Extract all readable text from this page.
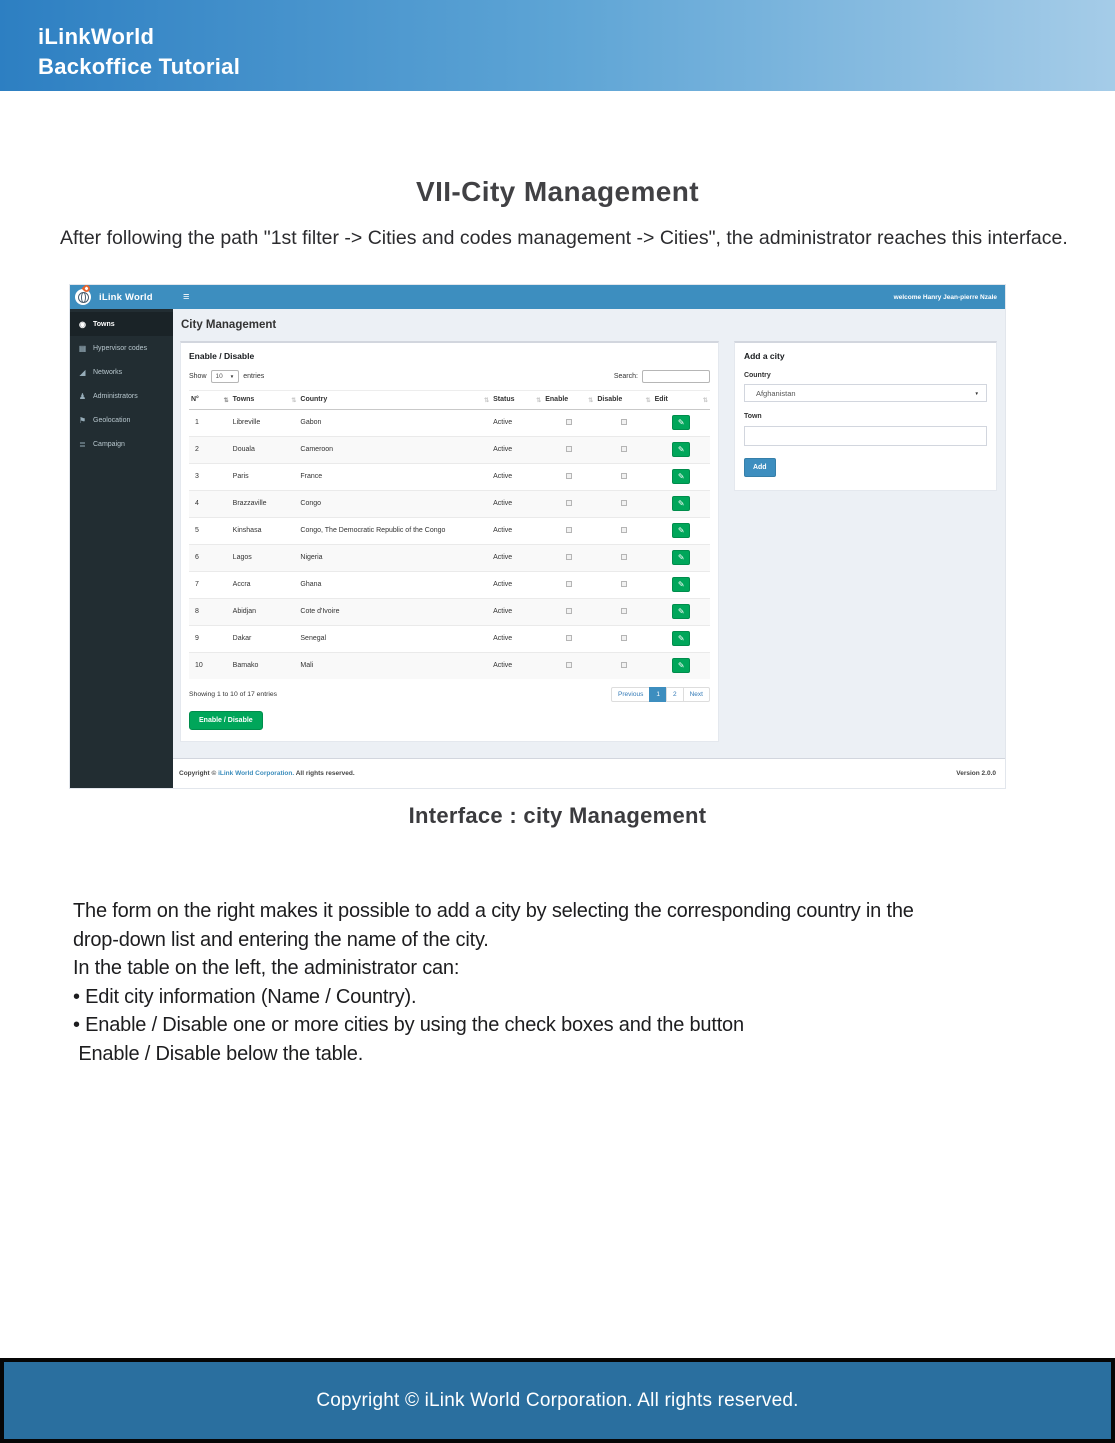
iLinkWorld
Backoffice Tutorial
VII-City Management

After following the path "1st filter -> Cities and codes management -> Cities", the administrator reaches this interface.

iLink World
◉ Towns
▦ Hypervisor codes
◢ Networks
♟ Administrators
⚑ Geolocation
≣ Campaign
≡	welcome Hanry Jean-pierre Nzale
City Management
Enable / Disable
Show 10 ▼ entries	Search:
N° ⇅	Towns ⇅	Country ⇅	Status ⇅	Enable ⇅	Disable ⇅	Edit ⇅

1	Libreville	Gabon	Active			✎
2	Douala	Cameroon	Active			✎
3	Paris	France	Active			✎
4	Brazzaville	Congo	Active			✎
5	Kinshasa	Congo, The Democratic Republic of the Congo	Active			✎
6	Lagos	Nigeria	Active			✎
7	Accra	Ghana	Active			✎
8	Abidjan	Cote d'Ivoire	Active			✎
9	Dakar	Senegal	Active			✎
10	Bamako	Mali	Active			✎
Showing 1 to 10 of 17 entries	Previous	1	2	Next
Enable / Disable
Add a city
Country
Afghanistan	▼
Town
Add
Copyright © iLink World Corporation. All rights reserved.	Version 2.0.0
Interface : city Management
The form on the right makes it possible to add a city by selecting the corresponding country in the
drop-down list and entering the name of the city.
In the table on the left, the administrator can:
• Edit city information (Name / Country).
• Enable / Disable one or more cities by using the check boxes and the button
Enable / Disable below the table.
Copyright © iLink World Corporation. All rights reserved.
